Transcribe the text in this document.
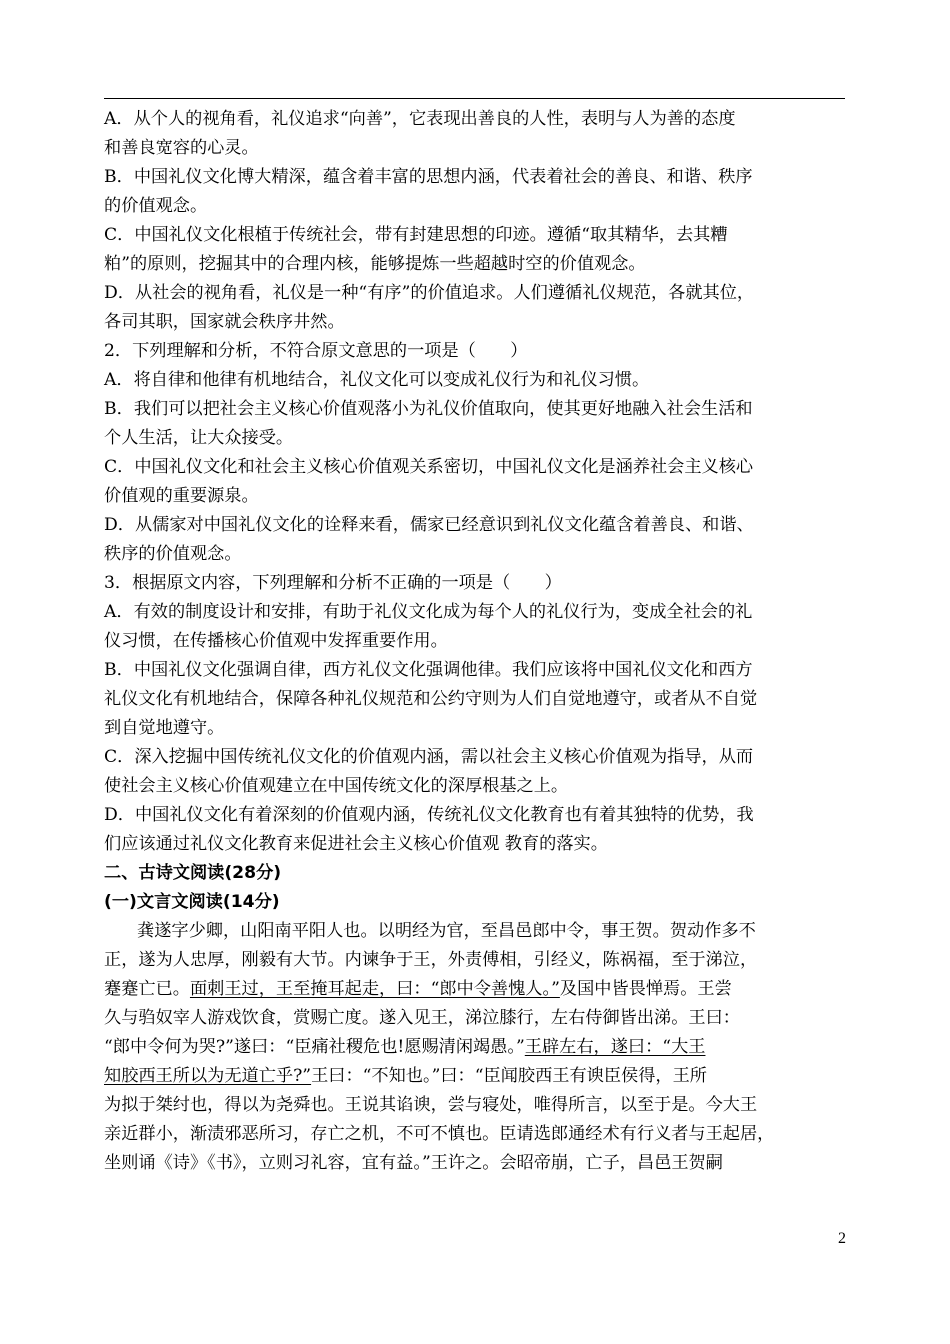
A．从个人的视角看，礼仪追求“向善”，它表现出善良的人性，表明与人为善的态度
和善良宽容的心灵。
B．中国礼仪文化博大精深，蕴含着丰富的思想内涵，代表着社会的善良、和谐、秩序
的价值观念。
C．中国礼仪文化根植于传统社会，带有封建思想的印迹。遵循“取其精华，去其糟
粕”的原则，挖掘其中的合理内核，能够提炼一些超越时空的价值观念。
D．从社会的视角看，礼仪是一种“有序”的价值追求。人们遵循礼仪规范，各就其位，
各司其职，国家就会秩序井然。
2．下列理解和分析，不符合原文意思的一项是（　　）
A．将自律和他律有机地结合，礼仪文化可以变成礼仪行为和礼仪习惯。
B．我们可以把社会主义核心价值观落小为礼仪价值取向，使其更好地融入社会生活和
个人生活，让大众接受。
C．中国礼仪文化和社会主义核心价值观关系密切，中国礼仪文化是涵养社会主义核心
价值观的重要源泉。
D．从儒家对中国礼仪文化的诠释来看，儒家已经意识到礼仪文化蕴含着善良、和谐、
秩序的价值观念。
3．根据原文内容，下列理解和分析不正确的一项是（　　）
A．有效的制度设计和安排，有助于礼仪文化成为每个人的礼仪行为，变成全社会的礼
仪习惯，在传播核心价值观中发挥重要作用。
B．中国礼仪文化强调自律，西方礼仪文化强调他律。我们应该将中国礼仪文化和西方
礼仪文化有机地结合，保障各种礼仪规范和公约守则为人们自觉地遵守，或者从不自觉
到自觉地遵守。
C．深入挖掘中国传统礼仪文化的价值观内涵，需以社会主义核心价值观为指导，从而
使社会主义核心价值观建立在中国传统文化的深厚根基之上。
D．中国礼仪文化有着深刻的价值观内涵，传统礼仪文化教育也有着其独特的优势，我
们应该通过礼仪文化教育来促进社会主义核心价值观 教育的落实。
二、古诗文阅读(28分)
(一)文言文阅读(14分)
龚遂字少卿，山阳南平阳人也。以明经为官，至昌邑郎中令，事王贺。贺动作多不
正，遂为人忠厚，刚毅有大节。内谏争于王，外责傅相，引经义，陈祸福，至于涕泣，
蹇蹇亡已。面刺王过，王至掩耳起走，曰：“郎中令善愧人。”及国中皆畏惮焉。王尝
久与驺奴宰人游戏饮食，赏赐亡度。遂入见王，涕泣膝行，左右侍御皆出涕。王曰：
“郎中令何为哭?”遂曰：“臣痛社稷危也!愿赐清闲竭愚。”王辟左右，遂曰：“大王
知胶西王所以为无道亡乎?”王曰：“不知也。”曰：“臣闻胶西王有谀臣侯得，王所
为拟于桀纣也，得以为尧舜也。王说其谄谀，尝与寝处，唯得所言，以至于是。今大王
亲近群小，渐渍邪恶所习，存亡之机，不可不慎也。臣请选郎通经术有行义者与王起居，
坐则诵《诗》《书》，立则习礼容，宜有益。”王许之。会昭帝崩，亡子，昌邑王贺嗣
2
